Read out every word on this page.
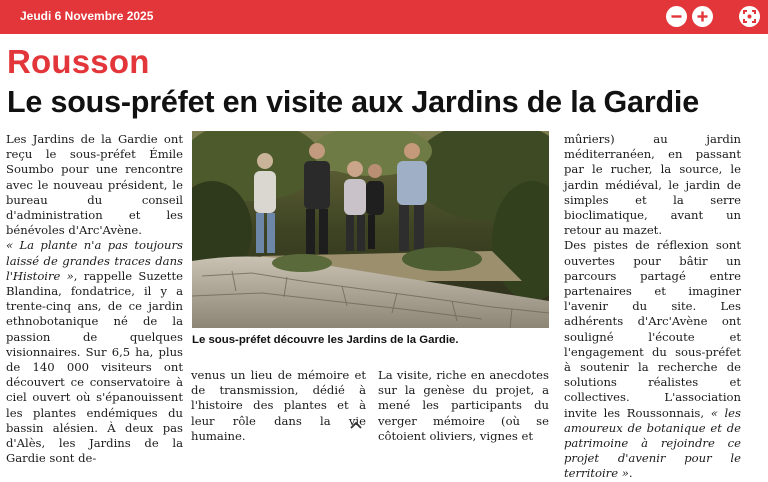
Jeudi 6 Novembre 2025
Rousson
Le sous-préfet en visite aux Jardins de la Gardie

Les Jardins de la Gardie ont reçu le sous-préfet Émile Soumbo pour une rencontre avec le nouveau président, le bureau du conseil d'administration et les bénévoles d'Arc'Avène.

« La plante n'a pas toujours laissé de grandes traces dans l'Histoire », rappelle Suzette Blandina, fondatrice, il y a trente-cinq ans, de ce jardin ethnobotanique né de la passion de quelques visionnaires. Sur 6,5 ha, plus de 140 000 visiteurs ont découvert ce conservatoire à ciel ouvert où s'épanouissent les plantes endémiques du bassin alésien. À deux pas d'Alès, les Jardins de la Gardie sont de-

Le sous-préfet découvre les Jardins de la Gardie.

venus un lieu de mémoire et de transmission, dédié à l'histoire des plantes et à leur rôle dans la vie humaine.

La visite, riche en anecdotes sur la genèse du projet, a mené les participants du verger mémoire (où se côtoient oliviers, vignes et

mûriers) au jardin méditerranéen, en passant par le rucher, la source, le jardin médiéval, le jardin de simples et la serre bioclimatique, avant un retour au mazet.

Des pistes de réflexion sont ouvertes pour bâtir un parcours partagé entre partenaires et imaginer l'avenir du site. Les adhérents d'Arc'Avène ont souligné l'écoute et l'engagement du sous-préfet à soutenir la recherche de solutions réalistes et collectives. L'association invite les Roussonnais, « les amoureux de botanique et de patrimoine à rejoindre ce projet d'avenir pour le territoire ».
